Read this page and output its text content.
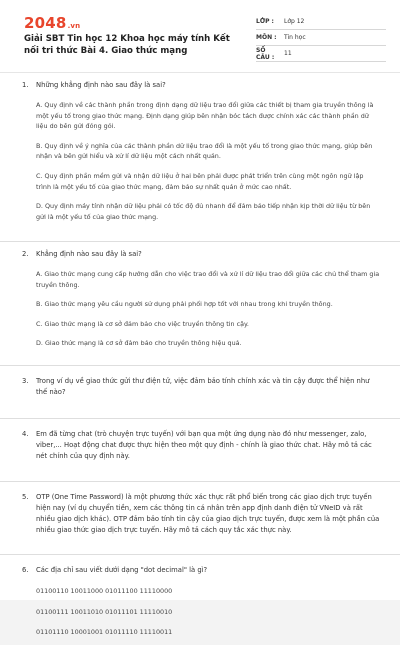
2048.vn
Giải SBT Tin học 12 Khoa học máy tính Kết nối tri thức Bài 4. Giao thức mạng
LỚP :	Lớp 12
MÔN :	Tin học
SỐ CÂU :	11
1. Những khẳng định nào sau đây là sai?
A. Quy định về các thành phần trong định dạng dữ liệu trao đổi giữa các thiết bị tham gia truyền thông là một yếu tố trong giao thức mạng. Định dạng giúp bên nhận bóc tách được chính xác các thành phần dữ liệu do bên gửi đóng gói.
B. Quy định về ý nghĩa của các thành phần dữ liệu trao đổi là một yếu tố trong giao thức mạng, giúp bên nhận và bên gửi hiểu và xử lí dữ liệu một cách nhất quán.
C. Quy định phần mềm gửi và nhận dữ liệu ở hai bên phải được phát triển trên cùng một ngôn ngữ lập trình là một yếu tố của giao thức mạng, đảm bảo sự nhất quán ở mức cao nhất.
D. Quy định máy tính nhận dữ liệu phải có tốc độ đủ nhanh để đảm bảo tiếp nhận kịp thời dữ liệu từ bên gửi là một yếu tố của giao thức mạng.
2. Khẳng định nào sau đây là sai?
A. Giao thức mạng cung cấp hướng dẫn cho việc trao đổi và xử lí dữ liệu trao đổi giữa các chủ thể tham gia truyền thông.
B. Giao thức mạng yêu cầu người sử dụng phải phối hợp tốt với nhau trong khi truyền thông.
C. Giao thức mạng là cơ sở đảm bảo cho việc truyền thông tin cậy.
D. Giao thức mạng là cơ sở đảm bảo cho truyền thông hiệu quả.
3. Trong ví dụ về giao thức gửi thư điện tử, việc đảm bảo tính chính xác và tin cậy được thể hiện như thế nào?
4. Em đã từng chat (trò chuyện trực tuyến) với bạn qua một ứng dụng nào đó như messenger, zalo, viber,... Hoạt động chat được thực hiện theo một quy định - chính là giao thức chat. Hãy mô tả các nét chính của quy định này.
5. OTP (One Time Password) là một phương thức xác thực rất phổ biến trong các giao dịch trực tuyến hiện nay (ví dụ chuyển tiền, xem các thông tin cá nhân trên app định danh điện tử VNeID và rất nhiều giao dịch khác). OTP đảm bảo tính tin cậy của giao dịch trực tuyến, được xem là một phần của nhiều giao thức giao dịch trực tuyến. Hãy mô tả cách quy tắc xác thực này.
6. Các địa chỉ sau viết dưới dạng "dot decimal" là gì?
01100110 10011000 01011100 11110000
01100111 10011010 01011101 11110010
01101110 10001001 01011110 11110011
